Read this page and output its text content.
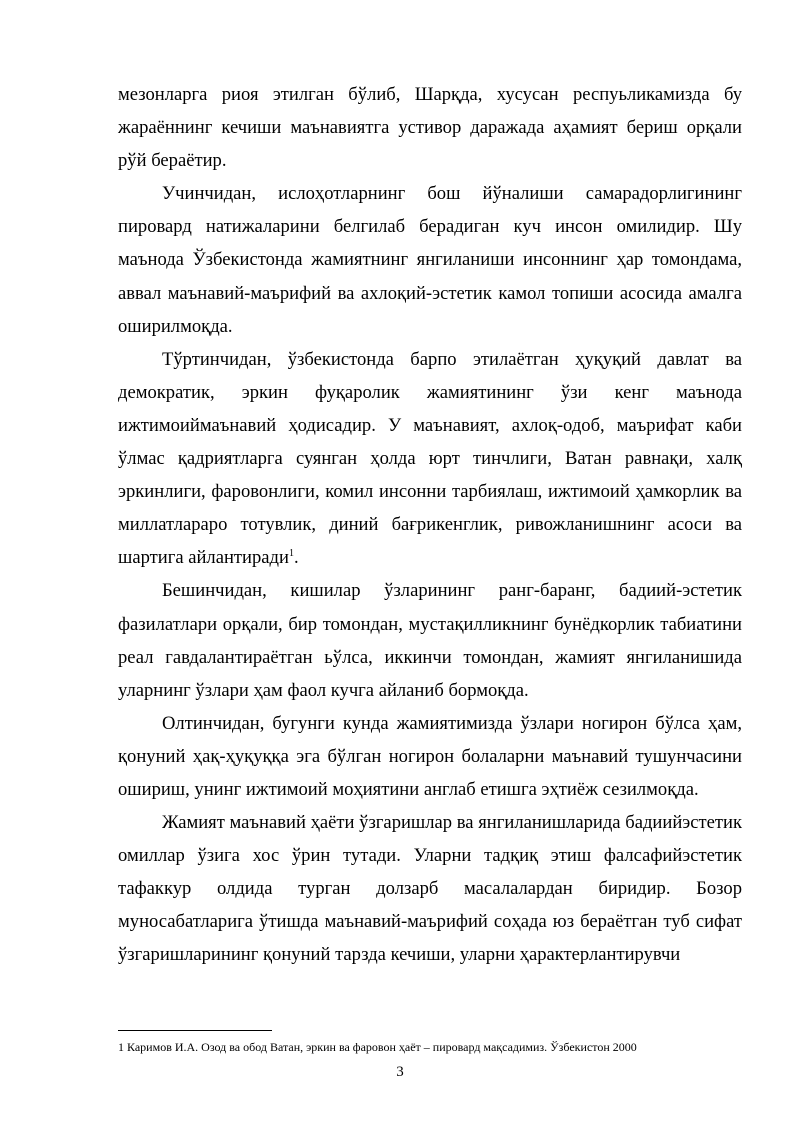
мезонларга риоя этилган бўлиб, Шарқда, хусусан респуьликамизда бу жараённинг кечиши маънавиятга устивор даражада аҳамият бериш орқали рўй бераётир.

Учинчидан, ислоҳотларнинг бош йўналиши самарадорлигининг пировард натижаларини белгилаб берадиган куч инсон омилидир. Шу маънода Ўзбекистонда жамиятнинг янгиланиши инсоннинг ҳар томондама, аввал маънавий-маърифий ва ахлоқий-эстетик камол топиши асосида амалга оширилмоқда.

Тўртинчидан, ўзбекистонда барпо этилаётган ҳуқуқий давлат ва демократик, эркин фуқаролик жамиятининг ўзи кенг маънода ижтимоиймаънавий ҳодисадир. У маънавият, ахлоқ-одоб, маърифат каби ўлмас қадриятларга суянган ҳолда юрт тинчлиги, Ватан равнақи, халқ эркинлиги, фаровонлиги, комил инсонни тарбиялаш, ижтимоий ҳамкорлик ва миллатлараро тотувлик, диний бағрикенглик, ривожланишнинг асоси ва шартига айлантиради$^1$.

Бешинчидан, кишилар ўзларининг ранг-баранг, бадиий-эстетик фазилатлари орқали, бир томондан, мустақилликнинг бунёдкорлик табиатини реал гавдалантираётган ьўлса, иккинчи томондан, жамият янгиланишида уларнинг ўзлари ҳам фаол кучга айланиб бормоқда.

Олтинчидан, бугунги кунда жамиятимизда ўзлари ногирон бўлса ҳам, қонуний ҳақ-ҳуқуққа эга бўлган ногирон болаларни маънавий тушунчасини ошириш, унинг ижтимоий моҳиятини англаб етишга эҳтиёж сезилмоқда.

Жамият маънавий ҳаёти ўзгаришлар ва янгиланишларида бадиийэстетик омиллар ўзига хос ўрин тутади. Уларни тадқиқ этиш фалсафийэстетик тафаккур олдида турган долзарб масалалардан биридир. Бозор муносабатларига ўтишда маънавий-маърифий соҳада юз бераётган туб сифат ўзгаришларининг қонуний тарзда кечиши, уларни ҳарактерлантирувчи

1 Каримов И.А. Озод ва обод Ватан, эркин ва фаровон ҳаёт – пировард мақсадимиз. Ўзбекистон 2000
3
